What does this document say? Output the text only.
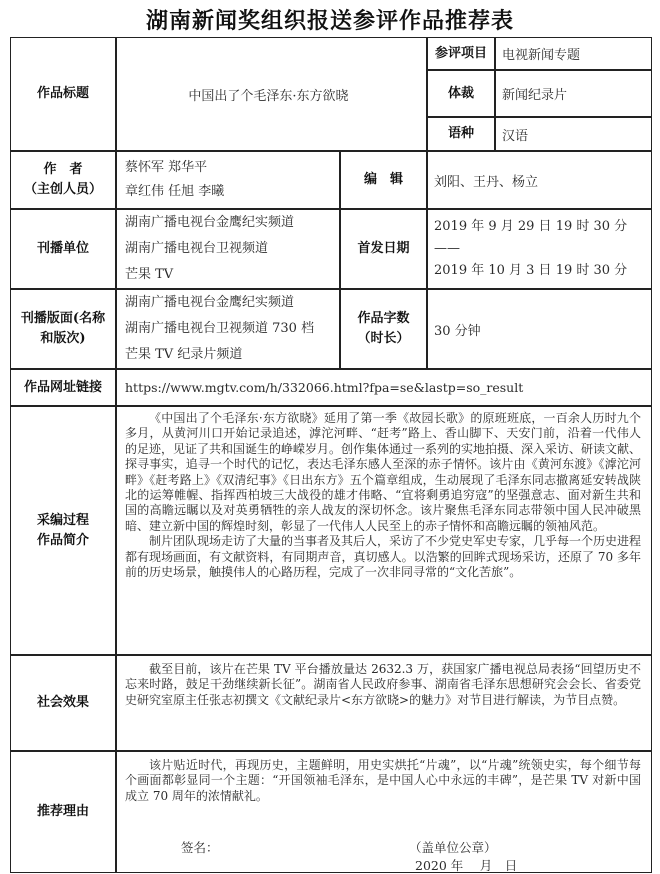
湖南新闻奖组织报送参评作品推荐表
作品标题	中国出了个毛泽东·东方欲晓
参评项目 电视新闻专题
体裁 新闻纪录片
语种 汉语
作　者
（主创人员）
蔡怀军 郑华平
章红伟 任旭 李曦
编　辑 刘阳、王丹、杨立
刊播单位
湖南广播电视台金鹰纪实频道
湖南广播电视台卫视频道
芒果 TV
首发日期
2019 年 9 月 29 日 19 时 30 分——
2019 年 10 月 3 日 19 时 30 分
刊播版面(名称
和版次)
湖南广播电视台金鹰纪实频道
湖南广播电视台卫视频道 730 档
芒果 TV 纪录片频道
作品字数
（时长） 30 分钟
作品网址链接 https://www.mgtv.com/h/332066.html?fpa=se&lastp=so_result
采编过程
作品简介

《中国出了个毛泽东·东方欲晓》延用了第一季《故园长歌》的原班班底，一百余人历时九个多月，从黄河川口开始记录追述，滹沱河畔、“赶考”路上、香山脚下、天安门前，沿着一代伟人的足迹，见证了共和国诞生的峥嵘岁月。创作集体通过一系列的实地拍摄、深入采访、研读文献、探寻事实，追寻一个时代的记忆，表达毛泽东感人至深的赤子情怀。该片由《黄河东渡》《滹沱河畔》《赶考路上》《双清纪事》《日出东方》五个篇章组成，生动展现了毛泽东同志撤离延安转战陕北的运筹帷幄、指挥西柏坡三大战役的雄才伟略、“宜将剩勇追穷寇”的坚强意志、面对新生共和国的高瞻远瞩以及对英勇牺牲的亲人战友的深切怀念。该片聚焦毛泽东同志带领中国人民冲破黑暗、建立新中国的辉煌时刻，彰显了一代伟人人民至上的赤子情怀和高瞻远瞩的领袖风范。

制片团队现场走访了大量的当事者及其后人，采访了不少党史军史专家，几乎每一个历史进程都有现场画面，有文献资料，有同期声音，真切感人。以浩繁的回眸式现场采访，还原了 70 多年前的历史场景，触摸伟人的心路历程，完成了一次非同寻常的“文化苦旅”。

社会效果

截至目前，该片在芒果 TV 平台播放量达 2632.3 万，获国家广播电视总局表扬“回望历史不忘来时路，鼓足干劲继续新长征”。湖南省人民政府参事、湖南省毛泽东思想研究会会长、省委党史研究室原主任张志初撰文《文献纪录片<东方欲晓>的魅力》对节目进行解读，为节目点赞。

推荐理由

该片贴近时代，再现历史，主题鲜明，用史实烘托“片魂”，以“片魂”统领史实，每个细节每个画面都彰显同一个主题：“开国领袖毛泽东，是中国人心中永远的丰碑”，是芒果 TV 对新中国成立 70 周年的浓情献礼。

签名：	（盖单位公章）
2020 年　 月　日
